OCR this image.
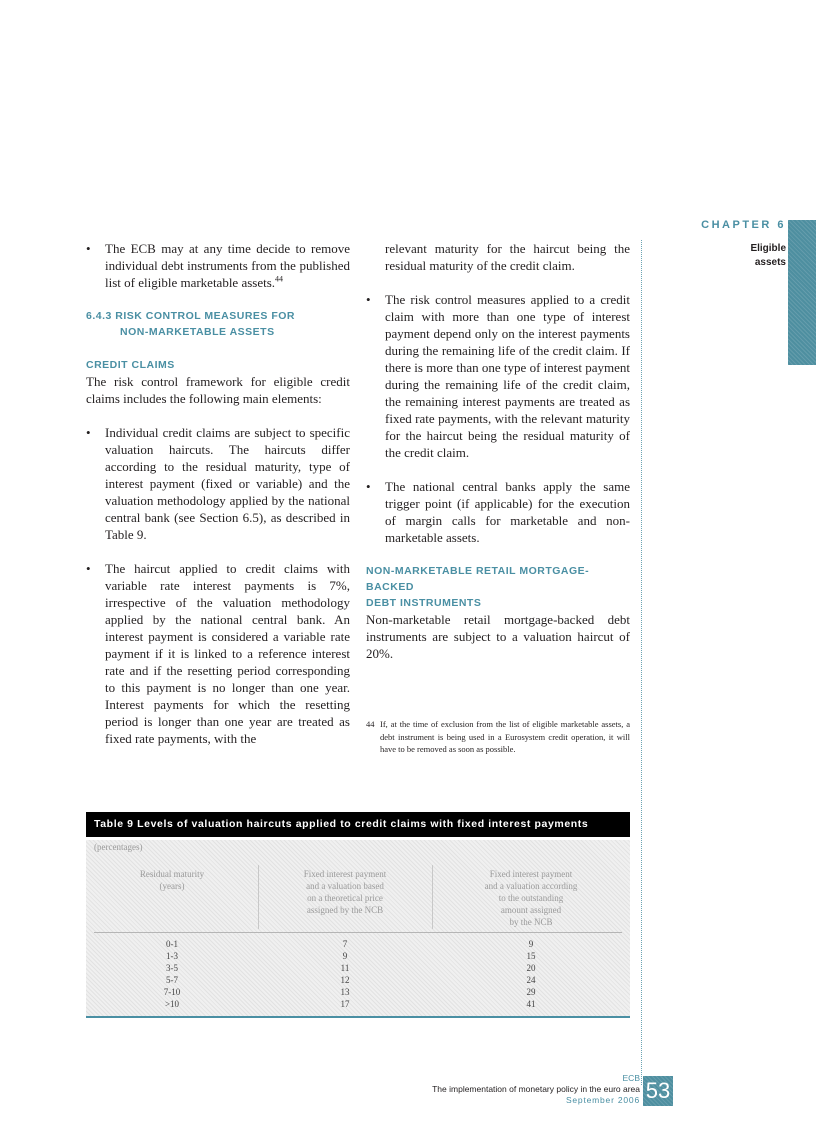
CHAPTER 6
Eligible
assets
• The ECB may at any time decide to remove individual debt instruments from the published list of eligible marketable assets.$^{44}$
6.4.3 RISK CONTROL MEASURES FOR
NON-MARKETABLE ASSETS
CREDIT CLAIMS
The risk control framework for eligible credit claims includes the following main elements:
• Individual credit claims are subject to specific valuation haircuts. The haircuts differ according to the residual maturity, type of interest payment (fixed or variable) and the valuation methodology applied by the national central bank (see Section 6.5), as described in Table 9.
• The haircut applied to credit claims with variable rate interest payments is 7%, irrespective of the valuation methodology applied by the national central bank. An interest payment is considered a variable rate payment if it is linked to a reference interest rate and if the resetting period corresponding to this payment is no longer than one year. Interest payments for which the resetting period is longer than one year are treated as fixed rate payments, with the
relevant maturity for the haircut being the residual maturity of the credit claim.
• The risk control measures applied to a credit claim with more than one type of interest payment depend only on the interest payments during the remaining life of the credit claim. If there is more than one type of interest payment during the remaining life of the credit claim, the remaining interest payments are treated as fixed rate payments, with the relevant maturity for the haircut being the residual maturity of the credit claim.
• The national central banks apply the same trigger point (if applicable) for the execution of margin calls for marketable and non-marketable assets.
NON-MARKETABLE RETAIL MORTGAGE-BACKED
DEBT INSTRUMENTS
Non-marketable retail mortgage-backed debt instruments are subject to a valuation haircut of 20%.
44 If, at the time of exclusion from the list of eligible marketable assets, a debt instrument is being used in a Eurosystem credit operation, it will have to be removed as soon as possible.
Table 9 Levels of valuation haircuts applied to credit claims with fixed interest payments
(percentages)
Residual maturity
(years)
Fixed interest payment
and a valuation based
on a theoretical price
assigned by the NCB
Fixed interest payment
and a valuation according
to the outstanding
amount assigned
by the NCB
0-1	7	9
1-3	9	15
3-5	11	20
5-7	12	24
7-10	13	29
>10	17	41
ECB
The implementation of monetary policy in the euro area
September 2006 53
